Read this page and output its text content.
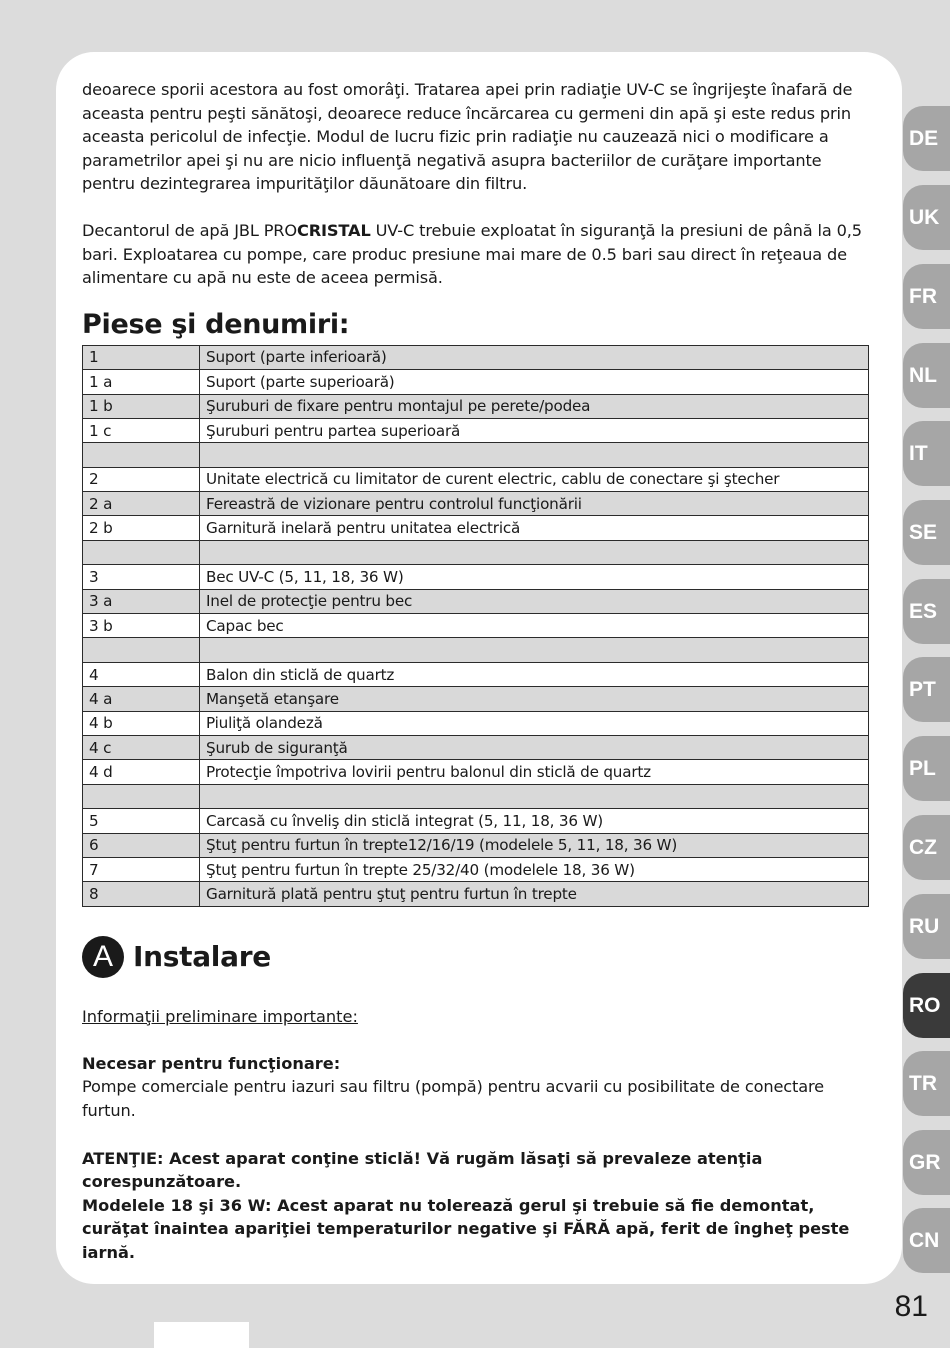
deoarece sporii acestora au fost omorâţi. Tratarea apei prin radiaţie UV-C se îngrijeşte înafară de aceasta pentru peşti sănătoşi, deoarece reduce încărcarea cu germeni din apă şi este redus prin aceasta pericolul de infecţie. Modul de lucru fizic prin radiaţie nu cauzează nici o modificare a parametrilor apei şi nu are nicio influenţă negativă asupra bacteriilor de curăţare importante pentru dezintegrarea impurităţilor dăunătoare din filtru.

Decantorul de apă JBL PROCRISTAL UV-C trebuie exploatat în siguranţă la presiuni de până la 0,5 bari. Exploatarea cu pompe, care produc presiune mai mare de 0.5 bari sau direct în reţeaua de alimentare cu apă nu este de aceea permisă.

Piese şi denumiri:
1	Suport (parte inferioară)
1 a	Suport (parte superioară)
1 b	Şuruburi de fixare pentru montajul pe perete/podea
1 c	Şuruburi pentru partea superioară

2	Unitate electrică cu limitator de curent electric, cablu de conectare şi ştecher
2 a	Fereastră de vizionare pentru controlul funcţionării
2 b	Garnitură inelară pentru unitatea electrică

3	Bec UV-C (5, 11, 18, 36 W)
3 a	Inel de protecţie pentru bec
3 b	Capac bec

4	Balon din sticlă de quartz
4 a	Manşetă etanşare
4 b	Piuliţă olandeză
4 c	Şurub de siguranţă
4 d	Protecţie împotriva lovirii pentru balonul din sticlă de quartz

5	Carcasă cu înveliş din sticlă integrat (5, 11, 18, 36 W)
6	Ştuţ pentru furtun în trepte12/16/19 (modelele 5, 11, 18, 36 W)
7	Ştuţ pentru furtun în trepte 25/32/40 (modelele 18, 36 W)
8	Garnitură plată pentru ştuţ pentru furtun în trepte
A Instalare
Informaţii preliminare importante:

Necesar pentru funcţionare:

Pompe comerciale pentru iazuri sau filtru (pompă) pentru acvarii cu posibilitate de conectare furtun.

ATENŢIE: Acest aparat conţine sticlă! Vă rugăm lăsaţi să prevaleze atenţia corespunzătoare.

Modelele 18 şi 36 W: Acest aparat nu tolerează gerul şi trebuie să fie demontat, curăţat înaintea apariţiei temperaturilor negative şi FĂRĂ apă, ferit de îngheţ peste iarnă.

DE
UK
FR
NL
IT
SE
ES
PT
PL
CZ
RU
RO
TR
GR
CN
81
